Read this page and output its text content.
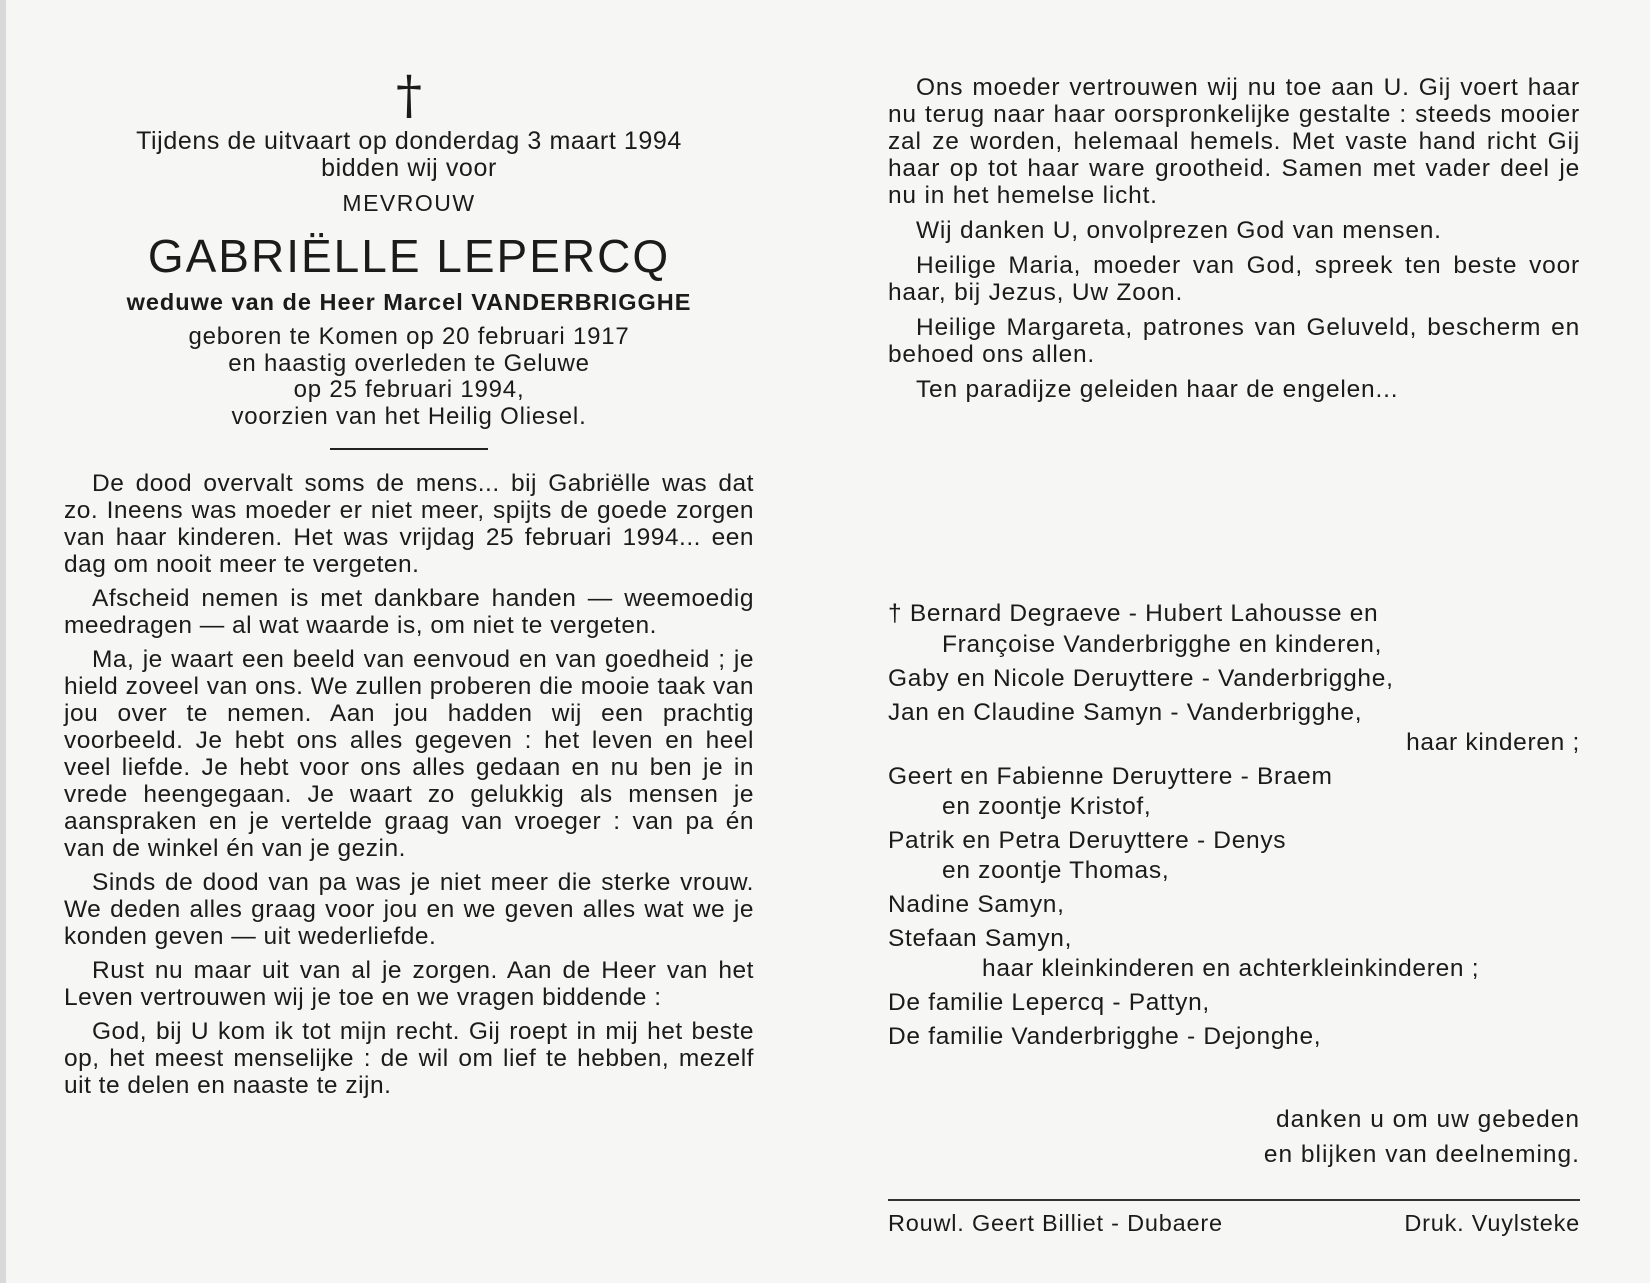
†
Tijdens de uitvaart op donderdag 3 maart 1994
bidden wij voor
MEVROUW
GABRIËLLE LEPERCQ
weduwe van de Heer Marcel VANDERBRIGGHE
geboren te Komen op 20 februari 1917
en haastig overleden te Geluwe
op 25 februari 1994,
voorzien van het Heilig Oliesel.

De dood overvalt soms de mens... bij Gabriëlle was dat zo. Ineens was moeder er niet meer, spijts de goede zorgen van haar kinderen. Het was vrijdag 25 februari 1994... een dag om nooit meer te vergeten.

Afscheid nemen is met dankbare handen — weemoedig meedragen — al wat waarde is, om niet te vergeten.

Ma, je waart een beeld van eenvoud en van goedheid ; je hield zoveel van ons. We zullen proberen die mooie taak van jou over te nemen. Aan jou hadden wij een prachtig voorbeeld. Je hebt ons alles gegeven : het leven en heel veel liefde. Je hebt voor ons alles gedaan en nu ben je in vrede heengegaan. Je waart zo gelukkig als mensen je aanspraken en je vertelde graag van vroeger : van pa én van de winkel én van je gezin.

Sinds de dood van pa was je niet meer die sterke vrouw. We deden alles graag voor jou en we geven alles wat we je konden geven — uit wederliefde.

Rust nu maar uit van al je zorgen. Aan de Heer van het Leven vertrouwen wij je toe en we vragen biddende :

God, bij U kom ik tot mijn recht. Gij roept in mij het beste op, het meest menselijke : de wil om lief te hebben, mezelf uit te delen en naaste te zijn.

Ons moeder vertrouwen wij nu toe aan U. Gij voert haar nu terug naar haar oorspronkelijke gestalte : steeds mooier zal ze worden, helemaal hemels. Met vaste hand richt Gij haar op tot haar ware grootheid. Samen met vader deel je nu in het hemelse licht.

Wij danken U, onvolprezen God van mensen.

Heilige Maria, moeder van God, spreek ten beste voor haar, bij Jezus, Uw Zoon.

Heilige Margareta, patrones van Geluveld, bescherm en behoed ons allen.

Ten paradijze geleiden haar de engelen...

† Bernard Degraeve - Hubert Lahousse en
Françoise Vanderbrigghe en kinderen,
Gaby en Nicole Deruyttere - Vanderbrigghe,
Jan en Claudine Samyn - Vanderbrigghe,
haar kinderen ;
Geert en Fabienne Deruyttere - Braem
en zoontje Kristof,
Patrik en Petra Deruyttere - Denys
en zoontje Thomas,
Nadine Samyn,
Stefaan Samyn,
haar kleinkinderen en achterkleinkinderen ;
De familie Lepercq - Pattyn,
De familie Vanderbrigghe - Dejonghe,
danken u om uw gebeden
en blijken van deelneming.
Rouwl. Geert Billiet - Dubaere	Druk. Vuylsteke
